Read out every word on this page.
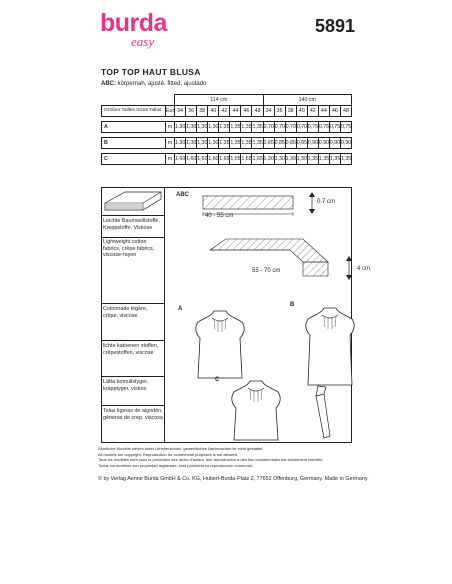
burda
easy
5891
TOP TOP HAUT BLUSA
ABC: körpernah, ajusté, fitted, ajustado
		114 cm								140 cm							
Größen Tailles Sizes Tallas	Eur.	34	36	38	40	42	44	46	48	34	36	38	40	42	44	46	48

A	m	1,30	1,30	1,30	1,30	1,35	1,35	1,35	1,35	0,70	0,70	0,70	0,70	0,75	0,75	0,75	0,75

B	m	1,30	1,30	1,30	1,30	1,35	1,35	1,35	1,35	0,85	0,85	0,85	0,85	0,90	0,90	0,90	0,90

C	m	1,60	1,60	1,60	1,60	1,65	1,65	1,65	1,65	1,30	1,30	1,30	1,30	1,35	1,35	1,35	1,35
Leichte Baumwollstoffe, Kreppstoffe, Viskose
Lightweight cotton fabrics, crêpe fabrics, viscose-rayon
Cotonnade légère, crêpe, viscose
lichte katoenen stoffen, crêpestoffen, viscose
Lätta bomullstyger, kräpptyger, viskos
Telas ligeras de algodón, géneros de crep, viscosa
ABC
40 - 55 cm
0.7 cm
55 - 70 cm	4 cm
A
B
C
Sämtliche Modelle stehen unter Urheberschutz, gewerbliches Nachmachen ist nicht gestattet.
All models are copyright. Reproduction for commercial purposes is not allowed.
Tous les modèles sont sous la protection des droits d'auteur, leur reproduction à des fins commerciales est strictement interdite.
Todos los modelos son propiedad registrada, está prohibida su reproducción comercial.
© by Verlag Aenne Burda GmbH & Co. KG, Hubert-Burda-Platz 2, 77652 Offenburg, Germany. Made in Germany.
